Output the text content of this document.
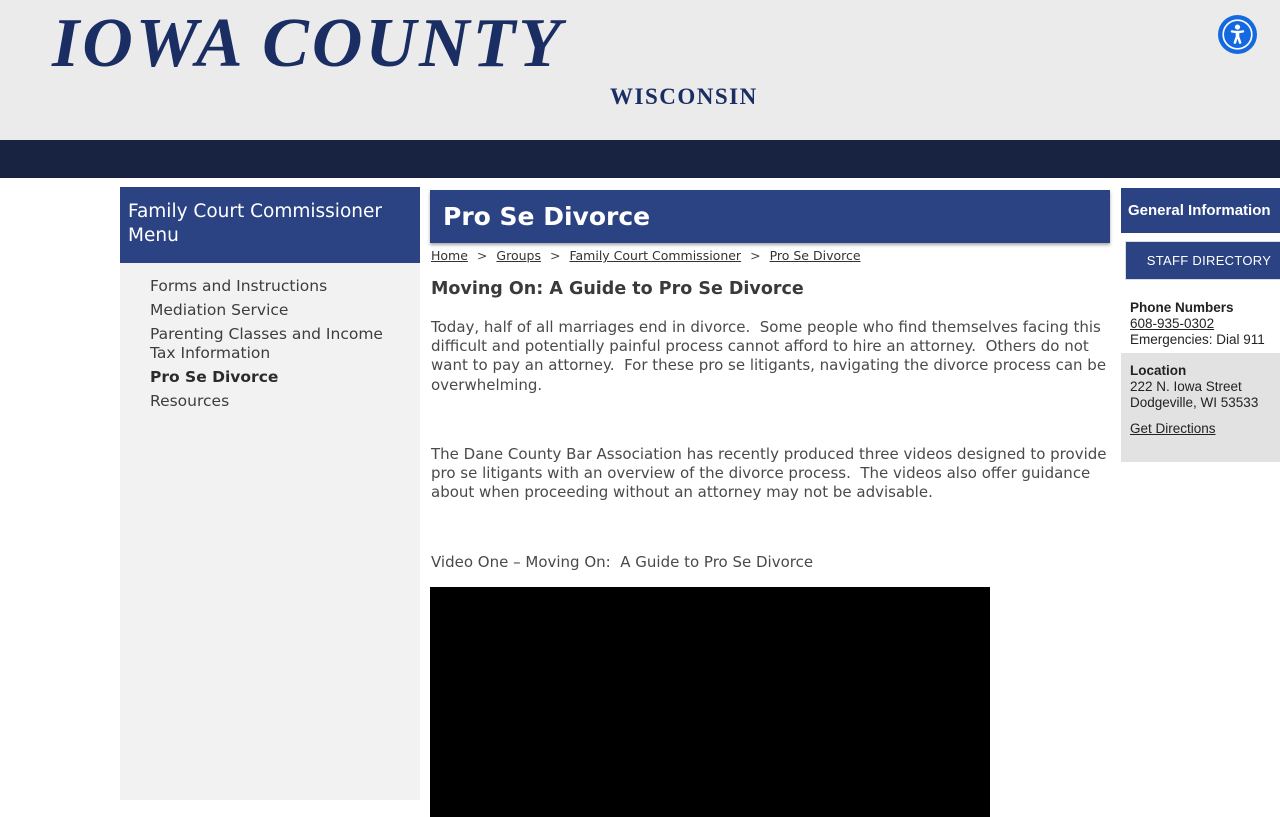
IOWA COUNTY
WISCONSIN
Family Court Commissioner Menu
Forms and Instructions
Mediation Service
Parenting Classes and Income Tax Information
Pro Se Divorce
Resources
Pro Se Divorce
Home > Groups > Family Court Commissioner > Pro Se Divorce
Moving On: A Guide to Pro Se Divorce

Today, half of all marriages end in divorce.  Some people who find themselves facing this difficult and potentially painful process cannot afford to hire an attorney.  Others do not want to pay an attorney.  For these pro se litigants, navigating the divorce process can be overwhelming.

The Dane County Bar Association has recently produced three videos designed to provide pro se litigants with an overview of the divorce process.  The videos also offer guidance about when proceeding without an attorney may not be advisable.

Video One – Moving On:  A Guide to Pro Se Divorce
General Information
STAFF DIRECTORY
Phone Numbers
608-935-0302
Emergencies: Dial 911
Location
222 N. Iowa Street
Dodgeville, WI 53533
Get Directions
